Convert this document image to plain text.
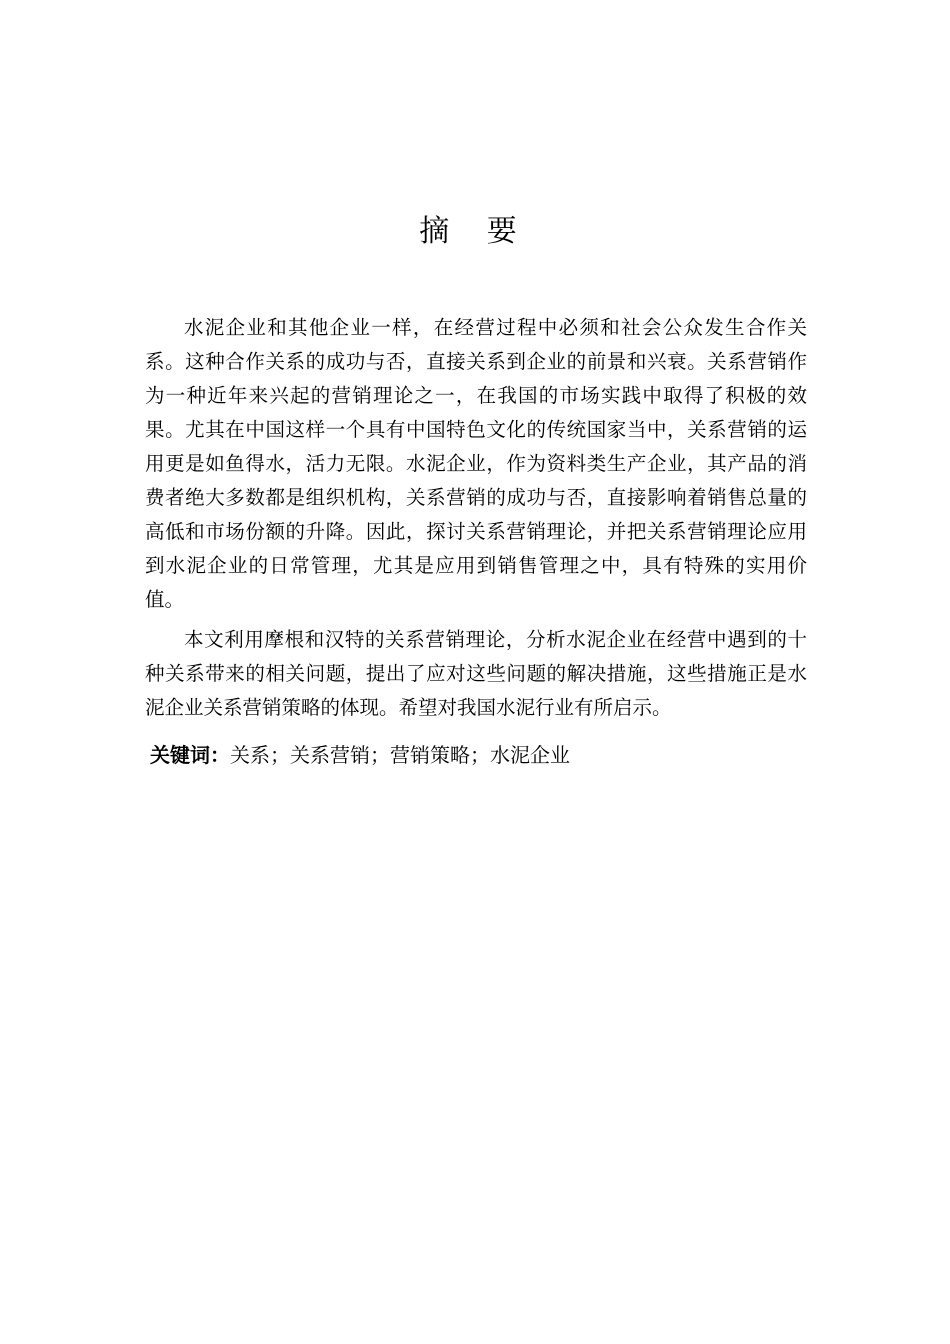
摘 要

水泥企业和其他企业一样，在经营过程中必须和社会公众发生合作关系。这种合作关系的成功与否，直接关系到企业的前景和兴衰。关系营销作为一种近年来兴起的营销理论之一，在我国的市场实践中取得了积极的效果。尤其在中国这样一个具有中国特色文化的传统国家当中，关系营销的运用更是如鱼得水，活力无限。水泥企业，作为资料类生产企业，其产品的消费者绝大多数都是组织机构，关系营销的成功与否，直接影响着销售总量的高低和市场份额的升降。因此，探讨关系营销理论，并把关系营销理论应用到水泥企业的日常管理，尤其是应用到销售管理之中，具有特殊的实用价值。

本文利用摩根和汉特的关系营销理论，分析水泥企业在经营中遇到的十种关系带来的相关问题，提出了应对这些问题的解决措施，这些措施正是水泥企业关系营销策略的体现。希望对我国水泥行业有所启示。

关键词：关系；关系营销；营销策略；水泥企业
